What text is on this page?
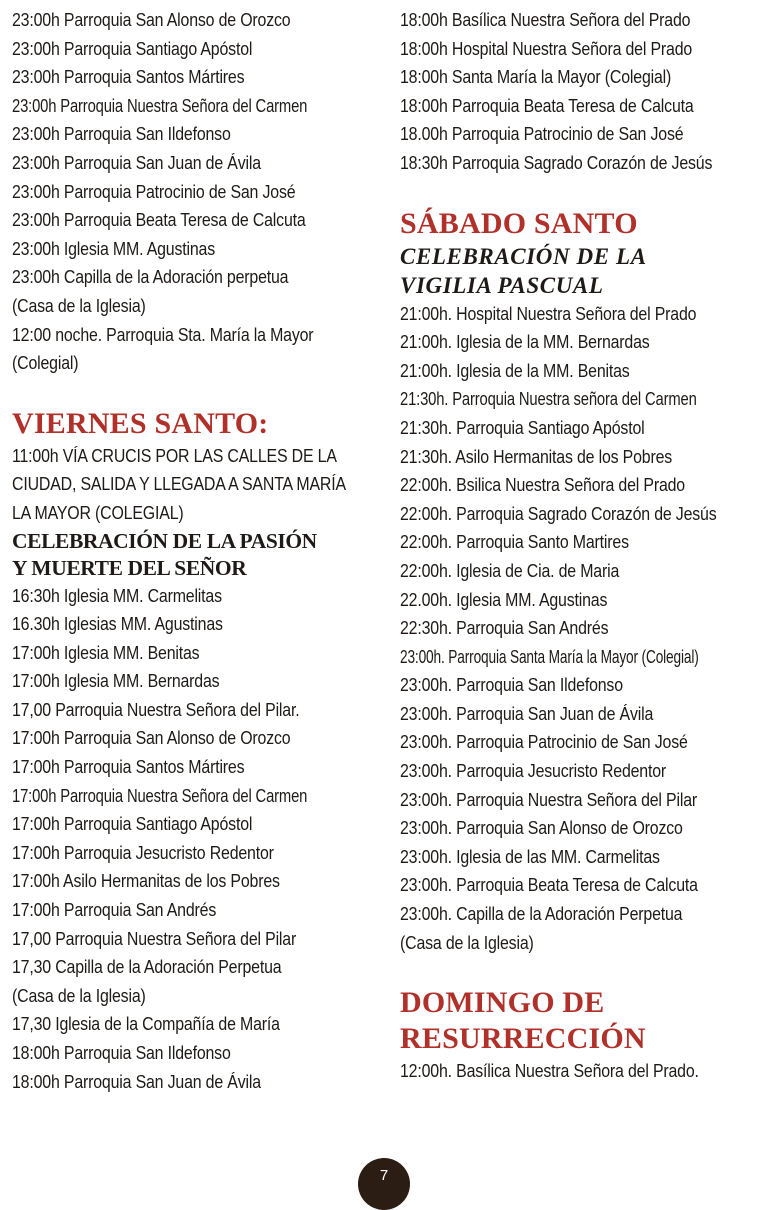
23:00h Parroquia San Alonso de Orozco
23:00h Parroquia Santiago Apóstol
23:00h Parroquia Santos Mártires
23:00h Parroquia Nuestra Señora del Carmen
23:00h Parroquia San Ildefonso
23:00h Parroquia San Juan de Ávila
23:00h Parroquia Patrocinio de San José
23:00h Parroquia Beata Teresa de Calcuta
23:00h Iglesia MM. Agustinas
23:00h Capilla de la Adoración perpetua
(Casa de la Iglesia)
12:00 noche. Parroquia Sta. María la Mayor
(Colegial)
VIERNES SANTO:
11:00h VÍA CRUCIS POR LAS CALLES DE LA
CIUDAD, SALIDA Y LLEGADA A SANTA MARÍA
LA MAYOR (COLEGIAL)
CELEBRACIÓN DE LA PASIÓN
Y MUERTE DEL SEÑOR
16:30h Iglesia MM. Carmelitas
16.30h Iglesias MM. Agustinas
17:00h Iglesia MM. Benitas
17:00h Iglesia MM. Bernardas
17,00 Parroquia Nuestra Señora del Pilar.
17:00h Parroquia San Alonso de Orozco
17:00h Parroquia Santos Mártires
17:00h Parroquia Nuestra Señora del Carmen
17:00h Parroquia Santiago Apóstol
17:00h Parroquia Jesucristo Redentor
17:00h Asilo Hermanitas de los Pobres
17:00h Parroquia San Andrés
17,00 Parroquia Nuestra Señora del Pilar
17,30 Capilla de la Adoración Perpetua
(Casa de la Iglesia)
17,30 Iglesia de la Compañía de María
18:00h Parroquia San Ildefonso
18:00h Parroquia San Juan de Ávila
18:00h Basílica Nuestra Señora del Prado
18:00h Hospital Nuestra Señora del Prado
18:00h Santa María la Mayor (Colegial)
18:00h Parroquia Beata Teresa de Calcuta
18.00h Parroquia Patrocinio de San José
18:30h Parroquia Sagrado Corazón de Jesús
SÁBADO SANTO
CELEBRACIÓN DE LA
VIGILIA PASCUAL
21:00h. Hospital Nuestra Señora del Prado
21:00h. Iglesia de la MM. Bernardas
21:00h. Iglesia de la MM. Benitas
21:30h. Parroquia Nuestra señora del Carmen
21:30h. Parroquia Santiago Apóstol
21:30h. Asilo Hermanitas de los Pobres
22:00h. Bsilica Nuestra Señora del Prado
22:00h. Parroquia Sagrado Corazón de Jesús
22:00h. Parroquia Santo Martires
22:00h. Iglesia de Cia. de Maria
22.00h. Iglesia MM. Agustinas
22:30h. Parroquia San Andrés
23:00h. Parroquia Santa María la Mayor (Colegial)
23:00h. Parroquia San Ildefonso
23:00h. Parroquia San Juan de Ávila
23:00h. Parroquia Patrocinio de San José
23:00h. Parroquia Jesucristo Redentor
23:00h. Parroquia Nuestra Señora del Pilar
23:00h. Parroquia San Alonso de Orozco
23:00h. Iglesia de las MM. Carmelitas
23:00h. Parroquia Beata Teresa de Calcuta
23:00h. Capilla de la Adoración Perpetua
(Casa de la Iglesia)
DOMINGO DE
RESURRECCIÓN
12:00h. Basílica Nuestra Señora del Prado.
7
